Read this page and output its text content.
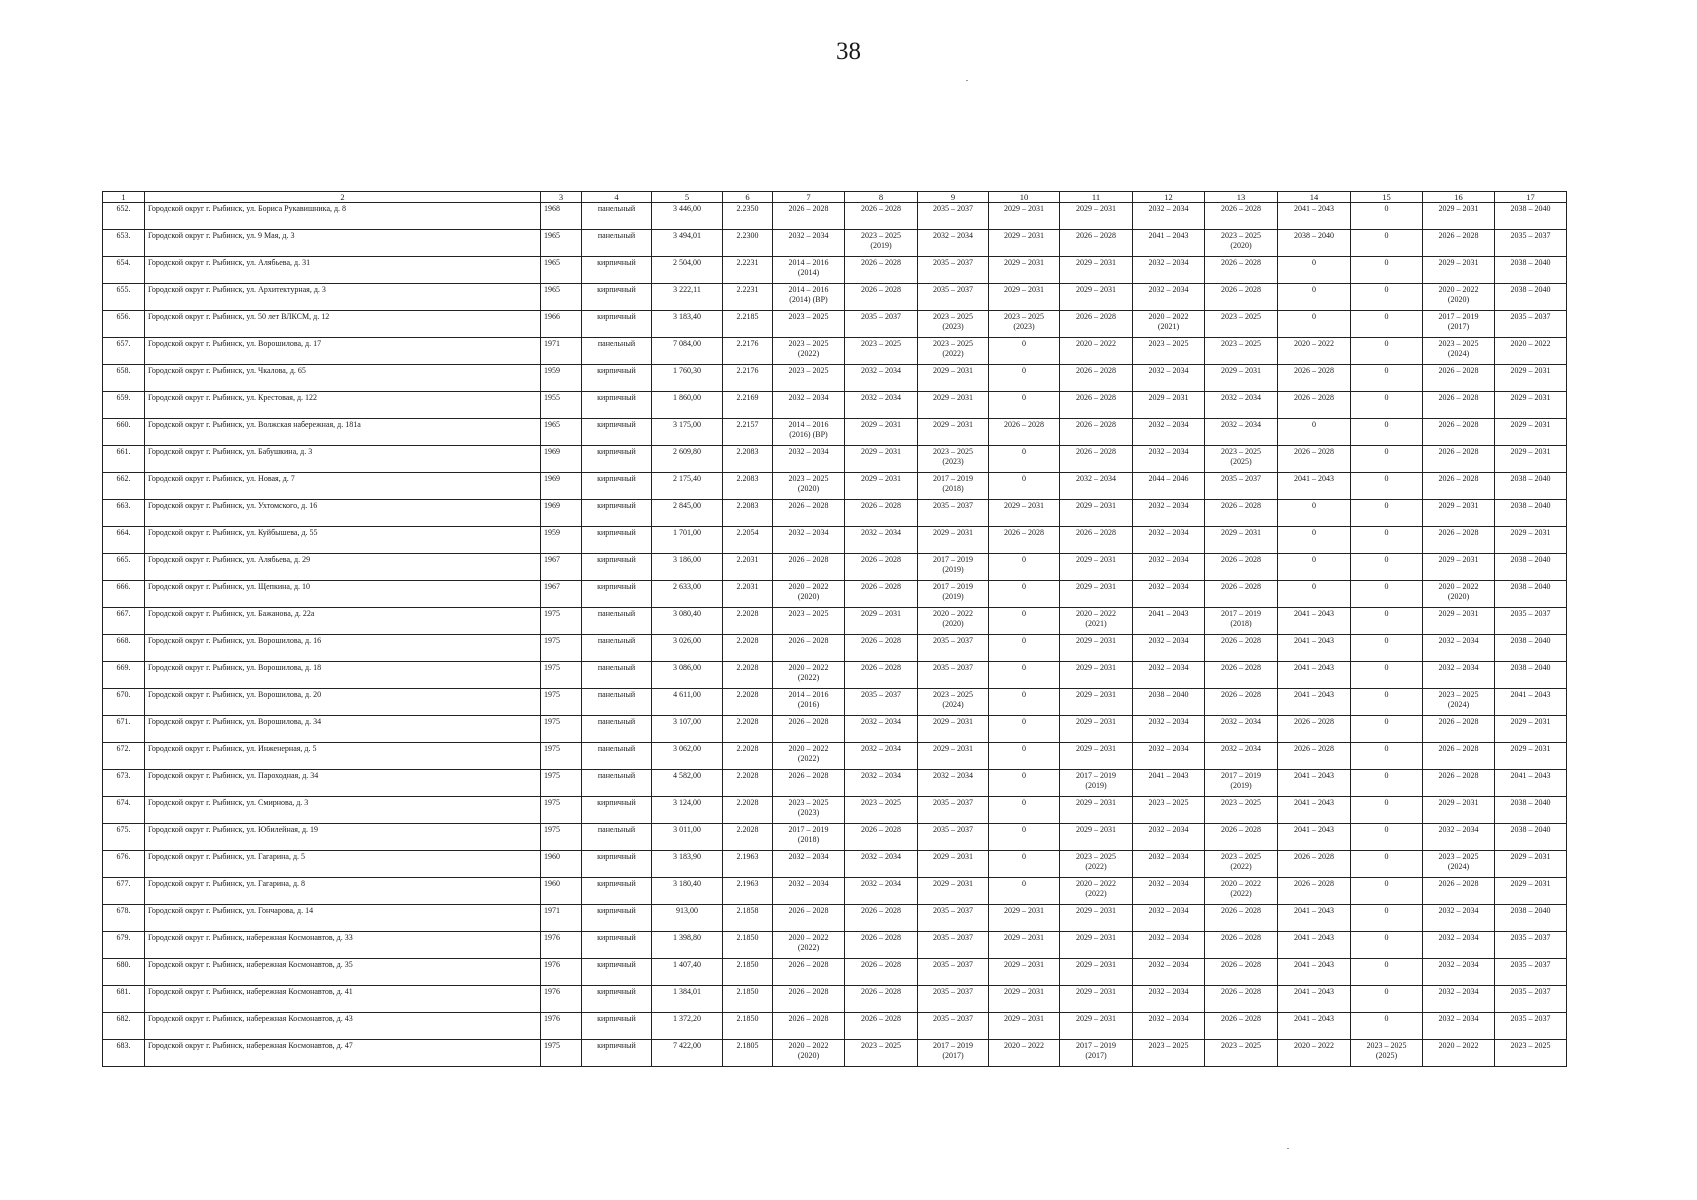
38
1	2	3	4	5	6	7	8	9	10	11	12	13	14	15	16	17

652.	Городской округ г. Рыбинск, ул. Бориса Рукавишника, д. 8	1968	панельный	3 446,00	2.2350	2026 – 2028	2026 – 2028	2035 – 2037	2029 – 2031	2029 – 2031	2032 – 2034	2026 – 2028	2041 – 2043	0	2029 – 2031	2038 – 2040

653.	Городской округ г. Рыбинск, ул. 9 Мая, д. 3	1965	панельный	3 494,01	2.2300	2032 – 2034	2023 – 2025
(2019)	2032 – 2034	2029 – 2031	2026 – 2028	2041 – 2043	2023 – 2025
(2020)	2038 – 2040	0	2026 – 2028	2035 – 2037

654.	Городской округ г. Рыбинск, ул. Алябьева, д. 31	1965	кирпичный	2 504,00	2.2231	2014 – 2016
(2014)	2026 – 2028	2035 – 2037	2029 – 2031	2029 – 2031	2032 – 2034	2026 – 2028	0	0	2029 – 2031	2038 – 2040

655.	Городской округ г. Рыбинск, ул. Архитектурная, д. 3	1965	кирпичный	3 222,11	2.2231	2014 – 2016
(2014) (ВР)	2026 – 2028	2035 – 2037	2029 – 2031	2029 – 2031	2032 – 2034	2026 – 2028	0	0	2020 – 2022
(2020)	2038 – 2040

656.	Городской округ г. Рыбинск, ул. 50 лет ВЛКСМ, д. 12	1966	кирпичный	3 183,40	2.2185	2023 – 2025	2035 – 2037	2023 – 2025
(2023)	2023 – 2025
(2023)	2026 – 2028	2020 – 2022
(2021)	2023 – 2025	0	0	2017 – 2019
(2017)	2035 – 2037

657.	Городской округ г. Рыбинск, ул. Ворошилова, д. 17	1971	панельный	7 084,00	2.2176	2023 – 2025
(2022)	2023 – 2025	2023 – 2025
(2022)	0	2020 – 2022	2023 – 2025	2023 – 2025	2020 – 2022	0	2023 – 2025
(2024)	2020 – 2022

658.	Городской округ г. Рыбинск, ул. Чкалова, д. 65	1959	кирпичный	1 760,30	2.2176	2023 – 2025	2032 – 2034	2029 – 2031	0	2026 – 2028	2032 – 2034	2029 – 2031	2026 – 2028	0	2026 – 2028	2029 – 2031

659.	Городской округ г. Рыбинск, ул. Крестовая, д. 122	1955	кирпичный	1 860,00	2.2169	2032 – 2034	2032 – 2034	2029 – 2031	0	2026 – 2028	2029 – 2031	2032 – 2034	2026 – 2028	0	2026 – 2028	2029 – 2031

660.	Городской округ г. Рыбинск, ул. Волжская набережная, д. 181а	1965	кирпичный	3 175,00	2.2157	2014 – 2016
(2016) (ВР)	2029 – 2031	2029 – 2031	2026 – 2028	2026 – 2028	2032 – 2034	2032 – 2034	0	0	2026 – 2028	2029 – 2031

661.	Городской округ г. Рыбинск, ул. Бабушкина, д. 3	1969	кирпичный	2 609,80	2.2083	2032 – 2034	2029 – 2031	2023 – 2025
(2023)	0	2026 – 2028	2032 – 2034	2023 – 2025
(2025)	2026 – 2028	0	2026 – 2028	2029 – 2031

662.	Городской округ г. Рыбинск, ул. Новая, д. 7	1969	кирпичный	2 175,40	2.2083	2023 – 2025
(2020)	2029 – 2031	2017 – 2019
(2018)	0	2032 – 2034	2044 – 2046	2035 – 2037	2041 – 2043	0	2026 – 2028	2038 – 2040

663.	Городской округ г. Рыбинск, ул. Ухтомского, д. 16	1969	кирпичный	2 845,00	2.2083	2026 – 2028	2026 – 2028	2035 – 2037	2029 – 2031	2029 – 2031	2032 – 2034	2026 – 2028	0	0	2029 – 2031	2038 – 2040

664.	Городской округ г. Рыбинск, ул. Куйбышева, д. 55	1959	кирпичный	1 701,00	2.2054	2032 – 2034	2032 – 2034	2029 – 2031	2026 – 2028	2026 – 2028	2032 – 2034	2029 – 2031	0	0	2026 – 2028	2029 – 2031

665.	Городской округ г. Рыбинск, ул. Алябьева, д. 29	1967	кирпичный	3 186,00	2.2031	2026 – 2028	2026 – 2028	2017 – 2019
(2019)	0	2029 – 2031	2032 – 2034	2026 – 2028	0	0	2029 – 2031	2038 – 2040

666.	Городской округ г. Рыбинск, ул. Щепкина, д. 10	1967	кирпичный	2 633,00	2.2031	2020 – 2022
(2020)	2026 – 2028	2017 – 2019
(2019)	0	2029 – 2031	2032 – 2034	2026 – 2028	0	0	2020 – 2022
(2020)	2038 – 2040

667.	Городской округ г. Рыбинск, ул. Бажанова, д. 22а	1975	панельный	3 080,40	2.2028	2023 – 2025	2029 – 2031	2020 – 2022
(2020)	0	2020 – 2022
(2021)	2041 – 2043	2017 – 2019
(2018)	2041 – 2043	0	2029 – 2031	2035 – 2037

668.	Городской округ г. Рыбинск, ул. Ворошилова, д. 16	1975	панельный	3 026,00	2.2028	2026 – 2028	2026 – 2028	2035 – 2037	0	2029 – 2031	2032 – 2034	2026 – 2028	2041 – 2043	0	2032 – 2034	2038 – 2040

669.	Городской округ г. Рыбинск, ул. Ворошилова, д. 18	1975	панельный	3 086,00	2.2028	2020 – 2022
(2022)	2026 – 2028	2035 – 2037	0	2029 – 2031	2032 – 2034	2026 – 2028	2041 – 2043	0	2032 – 2034	2038 – 2040

670.	Городской округ г. Рыбинск, ул. Ворошилова, д. 20	1975	панельный	4 611,00	2.2028	2014 – 2016
(2016)	2035 – 2037	2023 – 2025
(2024)	0	2029 – 2031	2038 – 2040	2026 – 2028	2041 – 2043	0	2023 – 2025
(2024)	2041 – 2043

671.	Городской округ г. Рыбинск, ул. Ворошилова, д. 34	1975	панельный	3 107,00	2.2028	2026 – 2028	2032 – 2034	2029 – 2031	0	2029 – 2031	2032 – 2034	2032 – 2034	2026 – 2028	0	2026 – 2028	2029 – 2031

672.	Городской округ г. Рыбинск, ул. Инженерная, д. 5	1975	панельный	3 062,00	2.2028	2020 – 2022
(2022)	2032 – 2034	2029 – 2031	0	2029 – 2031	2032 – 2034	2032 – 2034	2026 – 2028	0	2026 – 2028	2029 – 2031

673.	Городской округ г. Рыбинск, ул. Пароходная, д. 34	1975	панельный	4 582,00	2.2028	2026 – 2028	2032 – 2034	2032 – 2034	0	2017 – 2019
(2019)	2041 – 2043	2017 – 2019
(2019)	2041 – 2043	0	2026 – 2028	2041 – 2043

674.	Городской округ г. Рыбинск, ул. Смирнова, д. 3	1975	кирпичный	3 124,00	2.2028	2023 – 2025
(2023)	2023 – 2025	2035 – 2037	0	2029 – 2031	2023 – 2025	2023 – 2025	2041 – 2043	0	2029 – 2031	2038 – 2040

675.	Городской округ г. Рыбинск, ул. Юбилейная, д. 19	1975	панельный	3 011,00	2.2028	2017 – 2019
(2018)	2026 – 2028	2035 – 2037	0	2029 – 2031	2032 – 2034	2026 – 2028	2041 – 2043	0	2032 – 2034	2038 – 2040

676.	Городской округ г. Рыбинск, ул. Гагарина, д. 5	1960	кирпичный	3 183,90	2.1963	2032 – 2034	2032 – 2034	2029 – 2031	0	2023 – 2025
(2022)	2032 – 2034	2023 – 2025
(2022)	2026 – 2028	0	2023 – 2025
(2024)	2029 – 2031

677.	Городской округ г. Рыбинск, ул. Гагарина, д. 8	1960	кирпичный	3 180,40	2.1963	2032 – 2034	2032 – 2034	2029 – 2031	0	2020 – 2022
(2022)	2032 – 2034	2020 – 2022
(2022)	2026 – 2028	0	2026 – 2028	2029 – 2031

678.	Городской округ г. Рыбинск, ул. Гончарова, д. 14	1971	кирпичный	913,00	2.1858	2026 – 2028	2026 – 2028	2035 – 2037	2029 – 2031	2029 – 2031	2032 – 2034	2026 – 2028	2041 – 2043	0	2032 – 2034	2038 – 2040

679.	Городской округ г. Рыбинск, набережная Космонавтов, д. 33	1976	кирпичный	1 398,80	2.1850	2020 – 2022
(2022)	2026 – 2028	2035 – 2037	2029 – 2031	2029 – 2031	2032 – 2034	2026 – 2028	2041 – 2043	0	2032 – 2034	2035 – 2037

680.	Городской округ г. Рыбинск, набережная Космонавтов, д. 35	1976	кирпичный	1 407,40	2.1850	2026 – 2028	2026 – 2028	2035 – 2037	2029 – 2031	2029 – 2031	2032 – 2034	2026 – 2028	2041 – 2043	0	2032 – 2034	2035 – 2037

681.	Городской округ г. Рыбинск, набережная Космонавтов, д. 41	1976	кирпичный	1 384,01	2.1850	2026 – 2028	2026 – 2028	2035 – 2037	2029 – 2031	2029 – 2031	2032 – 2034	2026 – 2028	2041 – 2043	0	2032 – 2034	2035 – 2037

682.	Городской округ г. Рыбинск, набережная Космонавтов, д. 43	1976	кирпичный	1 372,20	2.1850	2026 – 2028	2026 – 2028	2035 – 2037	2029 – 2031	2029 – 2031	2032 – 2034	2026 – 2028	2041 – 2043	0	2032 – 2034	2035 – 2037

683.	Городской округ г. Рыбинск, набережная Космонавтов, д. 47	1975	кирпичный	7 422,00	2.1805	2020 – 2022
(2020)	2023 – 2025	2017 – 2019
(2017)	2020 – 2022	2017 – 2019
(2017)	2023 – 2025	2023 – 2025	2020 – 2022	2023 – 2025
(2025)	2020 – 2022	2023 – 2025
